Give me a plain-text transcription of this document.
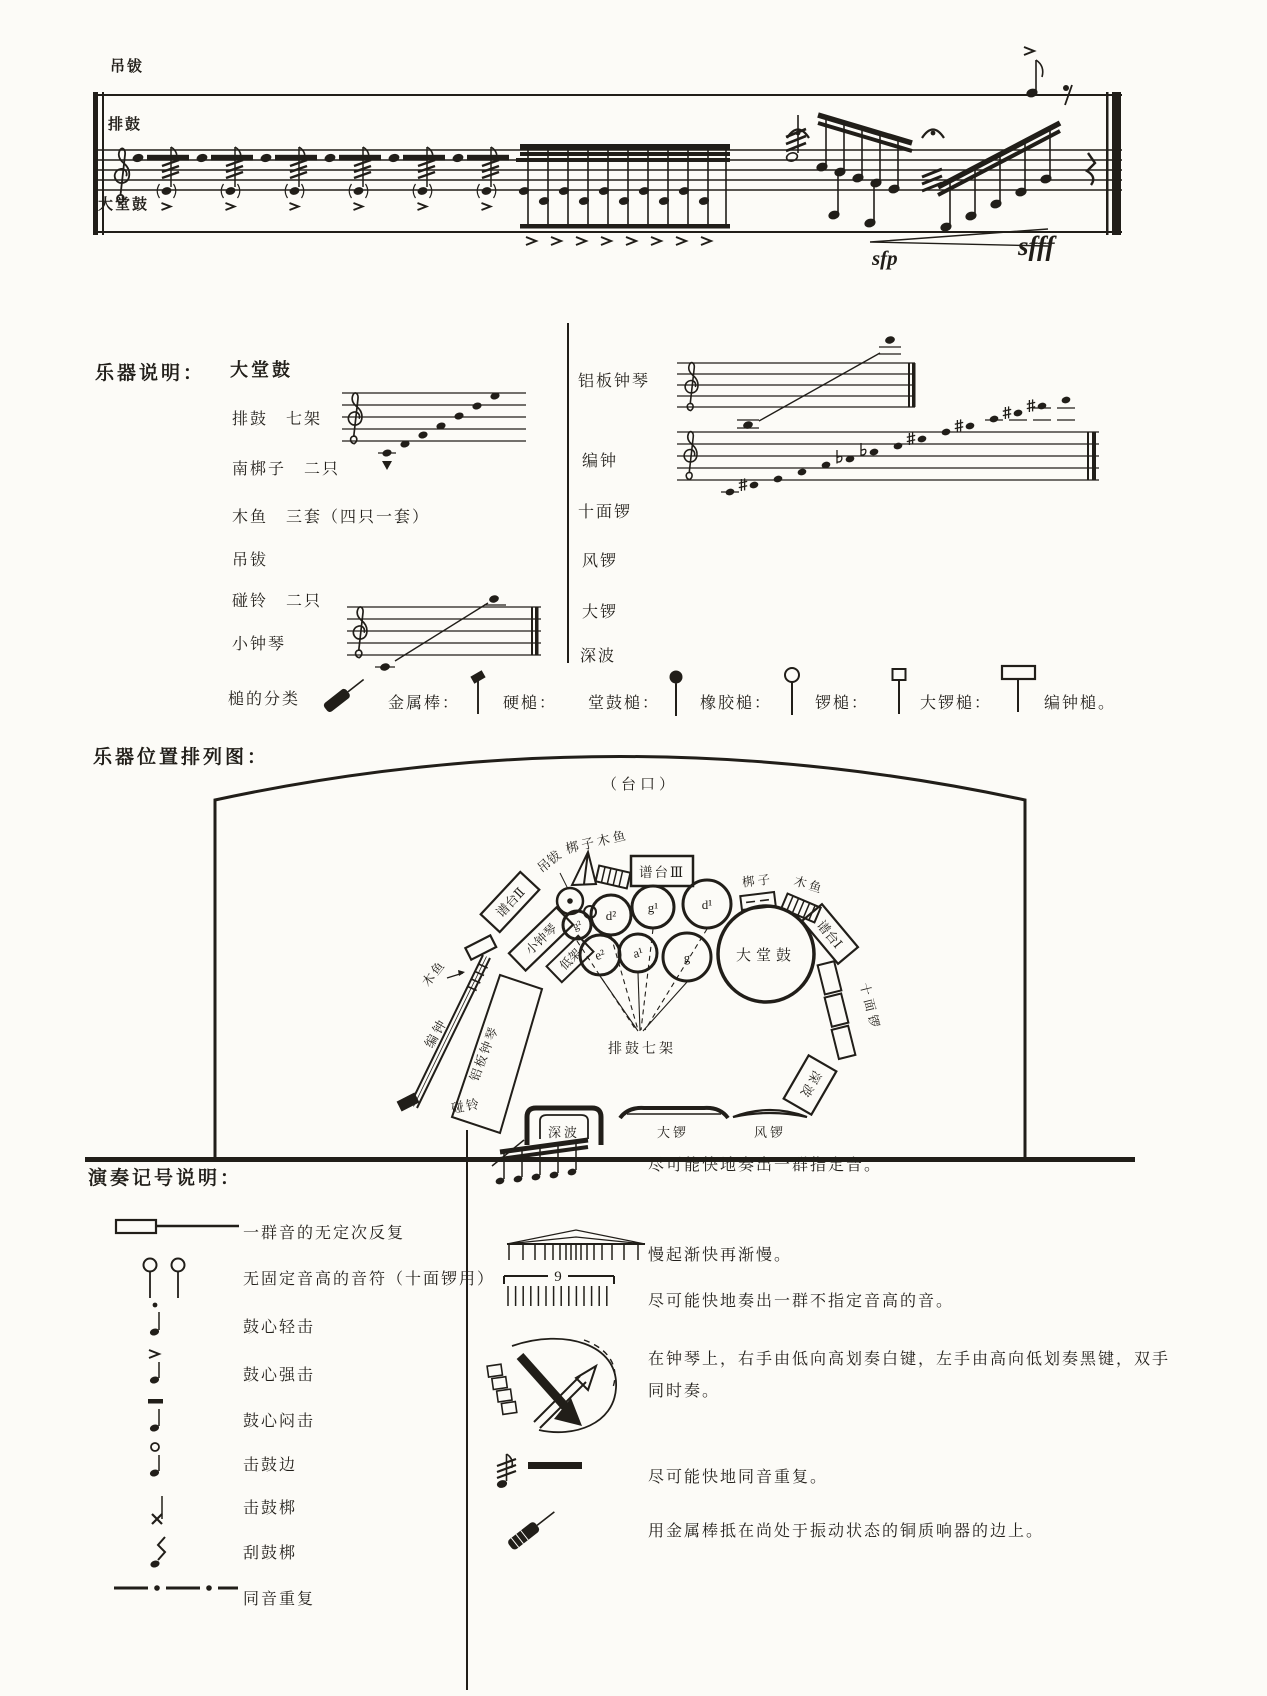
吊钹
排鼓
大堂鼓
sfp	sfff
乐器说明： 大堂鼓
排鼓　七架
南梆子　二只
木鱼　三套（四只一套）
吊钹
碰铃　二只
小钟琴
铝板钟琴
编钟
十面锣
风锣
大锣
深波
槌的分类	金属棒：	硬槌： 堂鼓槌： 橡胶槌：	锣槌：	大锣槌：	编钟槌。
乐器位置排列图：
（台口）
梆子木鱼
谱台Ⅲ
吊钹
谱台Ⅱ
小钟琴
低架
g²
d²
g¹	d¹
e² a¹	g	大堂鼓
梆子 木鱼
谱台Ⅰ
十面锣
深波
木鱼
编钟 铝板钟琴
碰铃
排鼓七架
深波	大锣	风锣
演奏记号说明：
一群音的无定次反复
无固定音高的音符（十面锣用）
鼓心轻击
鼓心强击
鼓心闷击
击鼓边
击鼓梆
刮鼓梆
同音重复
尽可能快地奏出一群指定音。
慢起渐快再渐慢。
9
尽可能快地奏出一群不指定音高的音。
在钟琴上，右手由低向高划奏白键，左手由高向低划奏黑键，双手同时奏。
尽可能快地同音重复。
用金属棒抵在尚处于振动状态的铜质响器的边上。
